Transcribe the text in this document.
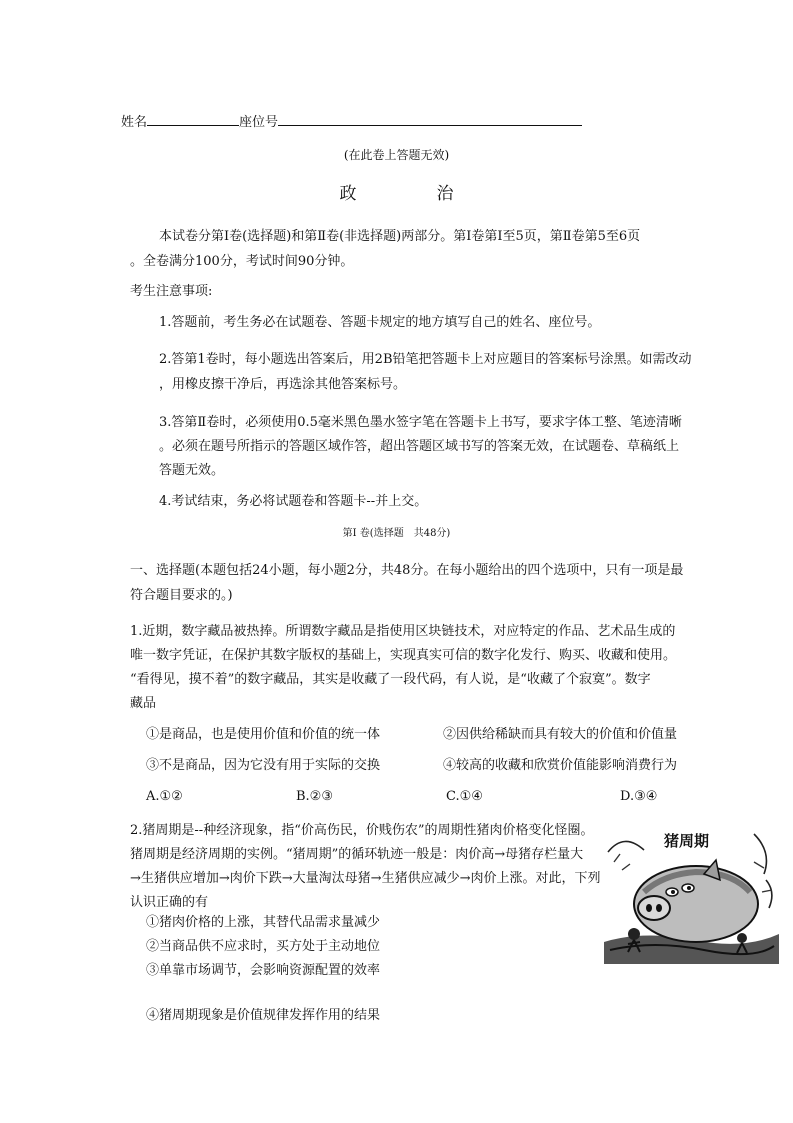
姓名	座位号
(在此卷上答题无效)
政	治
本试卷分第Ⅰ卷(选择题)和第Ⅱ卷(非选择题)两部分。第Ⅰ卷第Ⅰ至5页，第Ⅱ卷第5至6页
。全卷满分100分，考试时间90分钟。
考生注意事项:
1.答题前，考生务必在试题卷、答题卡规定的地方填写自己的姓名、座位号。
2.答第1卷时，每小题选出答案后，用2B铅笔把答题卡上对应题目的答案标号涂黑。如需改动
，用橡皮擦干净后，再选涂其他答案标号。
3.答第Ⅱ卷时，必须使用0.5毫米黑色墨水签字笔在答题卡上书写，要求字体工整、笔迹清晰
。必须在题号所指示的答题区域作答，超出答题区域书写的答案无效，在试题卷、草稿纸上
答题无效。
4.考试结束，务必将试题卷和答题卡--并上交。
第Ⅰ 卷(选择题　共48分)
一、选择题(本题包括24小题，每小题2分，共48分。在每小题给出的四个选项中，只有一项是最
符合题目要求的。)
1.近期，数字藏品被热捧。所谓数字藏品是指使用区块链技术，对应特定的作品、艺术品生成的
唯一数字凭证，在保护其数字版权的基础上，实现真实可信的数字化发行、购买、收藏和使用。
“看得见，摸不着”的数字藏品，其实是收藏了一段代码，有人说，是“收藏了个寂寞”。数字
藏品
①是商品，也是使用价值和价值的统一体	②因供给稀缺而具有较大的价值和价值量
③不是商品，因为它没有用于实际的交换	④较高的收藏和欣赏价值能影响消费行为
A.①②	B.②③	C.①④	D.③④
2.猪周期是--种经济现象，指“价高伤民，价贱伤农”的周期性猪肉价格变化怪圈。
猪周期是经济周期的实例。“猪周期”的循环轨迹一般是：肉价高→母猪存栏量大
→生猪供应增加→肉价下跌→大量淘汰母猪→生猪供应减少→肉价上涨。对此，下列
认识正确的有
①猪肉价格的上涨，其替代品需求量减少
②当商品供不应求时，买方处于主动地位
③单靠市场调节，会影响资源配置的效率
④猪周期现象是价值规律发挥作用的结果
猪周期
